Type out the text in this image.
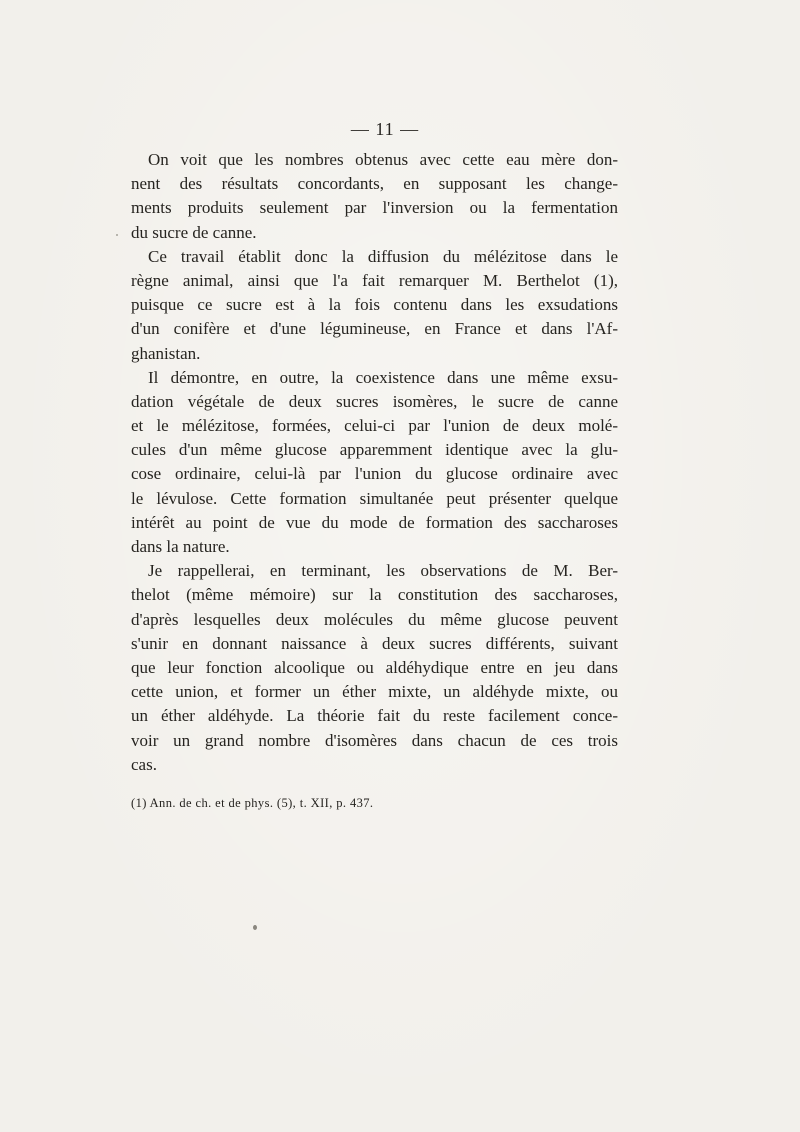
— 11 —
On voit que les nombres obtenus avec cette eau mère don-
nent des résultats concordants, en supposant les change-
ments produits seulement par l'inversion ou la fermentation
du sucre de canne.
Ce travail établit donc la diffusion du mélézitose dans le
règne animal, ainsi que l'a fait remarquer M. Berthelot (1),
puisque ce sucre est à la fois contenu dans les exsudations
d'un conifère et d'une légumineuse, en France et dans l'Af-
ghanistan.
Il démontre, en outre, la coexistence dans une même exsu-
dation végétale de deux sucres isomères, le sucre de canne
et le mélézitose, formées, celui-ci par l'union de deux molé-
cules d'un même glucose apparemment identique avec la glu-
cose ordinaire, celui-là par l'union du glucose ordinaire avec
le lévulose. Cette formation simultanée peut présenter quelque
intérêt au point de vue du mode de formation des saccharoses
dans la nature.
Je rappellerai, en terminant, les observations de M. Ber-
thelot (même mémoire) sur la constitution des saccharoses,
d'après lesquelles deux molécules du même glucose peuvent
s'unir en donnant naissance à deux sucres différents, suivant
que leur fonction alcoolique ou aldéhydique entre en jeu dans
cette union, et former un éther mixte, un aldéhyde mixte, ou
un éther aldéhyde. La théorie fait du reste facilement conce-
voir un grand nombre d'isomères dans chacun de ces trois
cas.
(1) Ann. de ch. et de phys. (5), t. XII, p. 437.
